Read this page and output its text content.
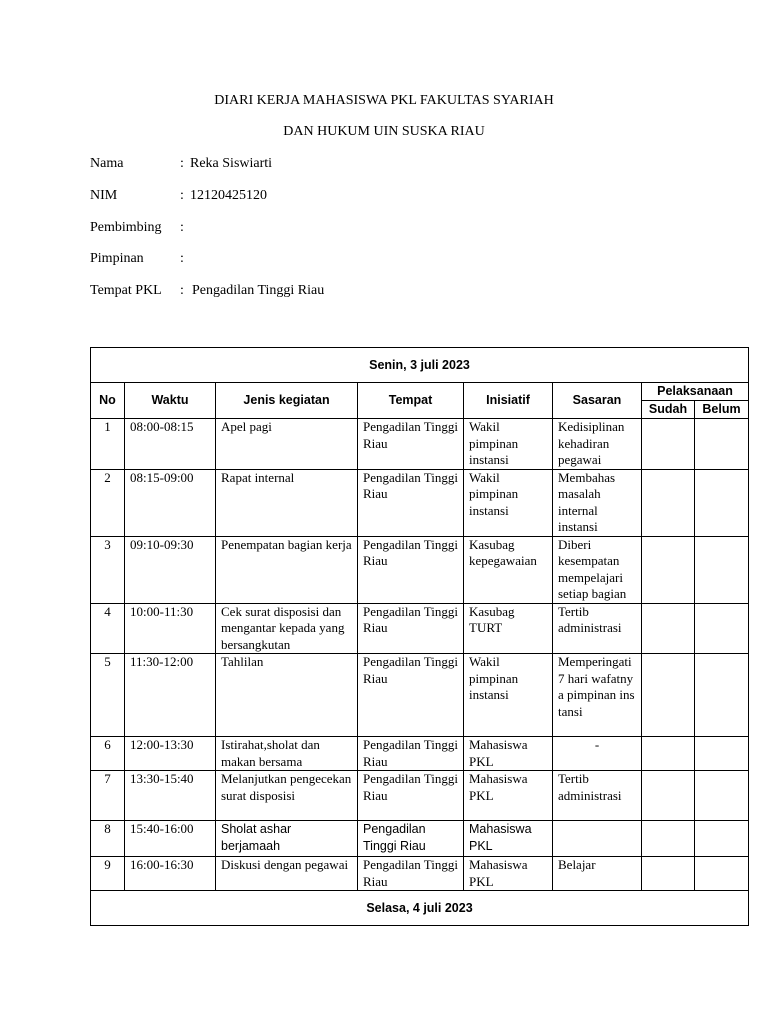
DIARI KERJA MAHASISWA PKL FAKULTAS SYARIAH
DAN HUKUM UIN SUSKA RIAU
Nama	: Reka Siswiarti
NIM	: 12120425120
Pembimbing	:
Pimpinan	:
Tempat PKL	: Pengadilan Tinggi Riau
Senin, 3 juli 2023							
No	Waktu	Jenis kegiatan	Tempat	Inisiatif	Sasaran	Pelaksanaan	
						Sudah	Belum
1	08:00-08:15	Apel pagi	Pengadilan Tinggi Riau	Wakil pimpinan instansi	Kedisiplinan kehadiran pegawai		
2	08:15-09:00	Rapat internal	Pengadilan Tinggi Riau	Wakil pimpinan instansi	Membahas masalah internal instansi		
3	09:10-09:30	Penempatan bagian kerja	Pengadilan Tinggi Riau	Kasubag kepegawaian	Diberi kesempatan mempelajari setiap bagian		
4	10:00-11:30	Cek surat disposisi dan mengantar kepada yang bersangkutan	Pengadilan Tinggi Riau	Kasubag TURT	Tertib administrasi		
5	11:30-12:00	Tahlilan	Pengadilan Tinggi Riau	Wakil pimpinan instansi	Memperingati 7 hari wafatnya pimpinan instansi		
6	12:00-13:30	Istirahat,sholat dan makan bersama	Pengadilan Tinggi Riau	Mahasiswa PKL	-		
7	13:30-15:40	Melanjutkan pengecekan surat disposisi	Pengadilan Tinggi Riau	Mahasiswa PKL	Tertib administrasi		
8	15:40-16:00	Sholat ashar berjamaah	Pengadilan Tinggi Riau	Mahasiswa PKL			
9	16:00-16:30	Diskusi dengan pegawai	Pengadilan Tinggi Riau	Mahasiswa PKL	Belajar		
Selasa, 4 juli 2023							
